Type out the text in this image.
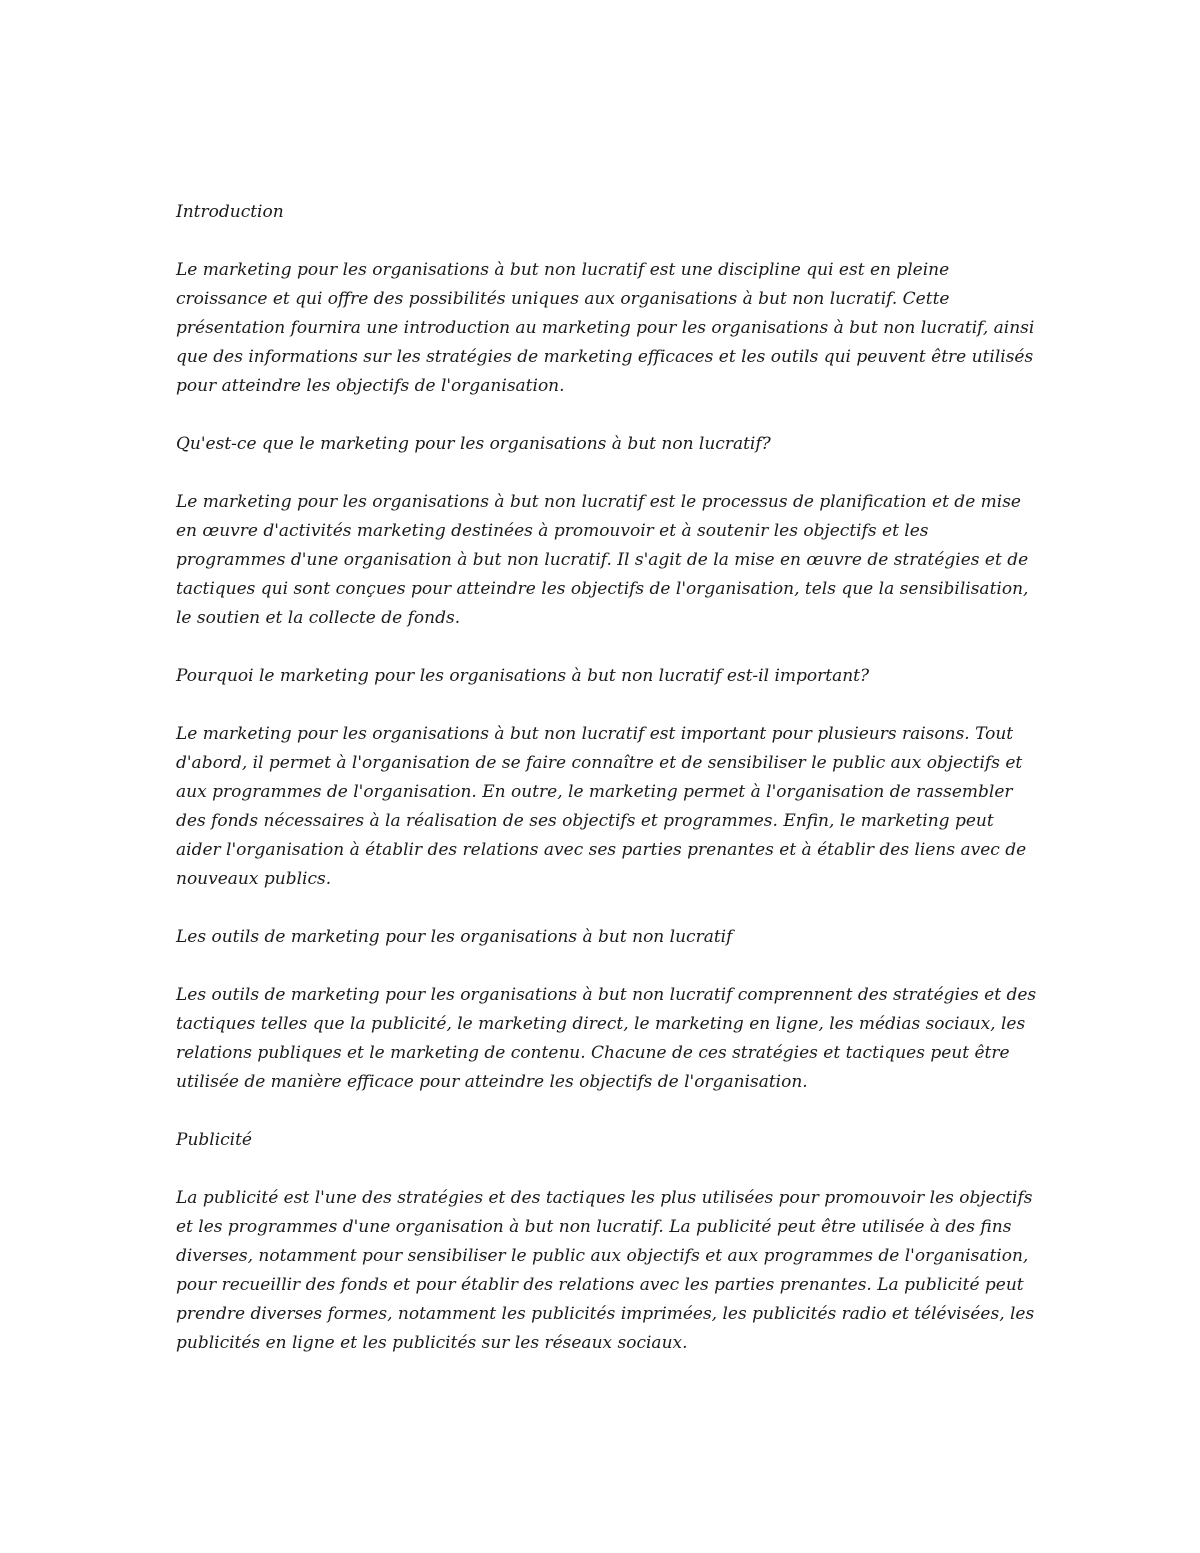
Introduction

Le marketing pour les organisations à but non lucratif est une discipline qui est en pleine croissance et qui offre des possibilités uniques aux organisations à but non lucratif. Cette présentation fournira une introduction au marketing pour les organisations à but non lucratif, ainsi que des informations sur les stratégies de marketing efficaces et les outils qui peuvent être utilisés pour atteindre les objectifs de l'organisation.

Qu'est-ce que le marketing pour les organisations à but non lucratif?

Le marketing pour les organisations à but non lucratif est le processus de planification et de mise en œuvre d'activités marketing destinées à promouvoir et à soutenir les objectifs et les programmes d'une organisation à but non lucratif. Il s'agit de la mise en œuvre de stratégies et de tactiques qui sont conçues pour atteindre les objectifs de l'organisation, tels que la sensibilisation, le soutien et la collecte de fonds.

Pourquoi le marketing pour les organisations à but non lucratif est-il important?

Le marketing pour les organisations à but non lucratif est important pour plusieurs raisons. Tout d'abord, il permet à l'organisation de se faire connaître et de sensibiliser le public aux objectifs et aux programmes de l'organisation. En outre, le marketing permet à l'organisation de rassembler des fonds nécessaires à la réalisation de ses objectifs et programmes. Enfin, le marketing peut aider l'organisation à établir des relations avec ses parties prenantes et à établir des liens avec de nouveaux publics.

Les outils de marketing pour les organisations à but non lucratif

Les outils de marketing pour les organisations à but non lucratif comprennent des stratégies et des tactiques telles que la publicité, le marketing direct, le marketing en ligne, les médias sociaux, les relations publiques et le marketing de contenu. Chacune de ces stratégies et tactiques peut être utilisée de manière efficace pour atteindre les objectifs de l'organisation.

Publicité

La publicité est l'une des stratégies et des tactiques les plus utilisées pour promouvoir les objectifs et les programmes d'une organisation à but non lucratif. La publicité peut être utilisée à des fins diverses, notamment pour sensibiliser le public aux objectifs et aux programmes de l'organisation, pour recueillir des fonds et pour établir des relations avec les parties prenantes. La publicité peut prendre diverses formes, notamment les publicités imprimées, les publicités radio et télévisées, les publicités en ligne et les publicités sur les réseaux sociaux.
